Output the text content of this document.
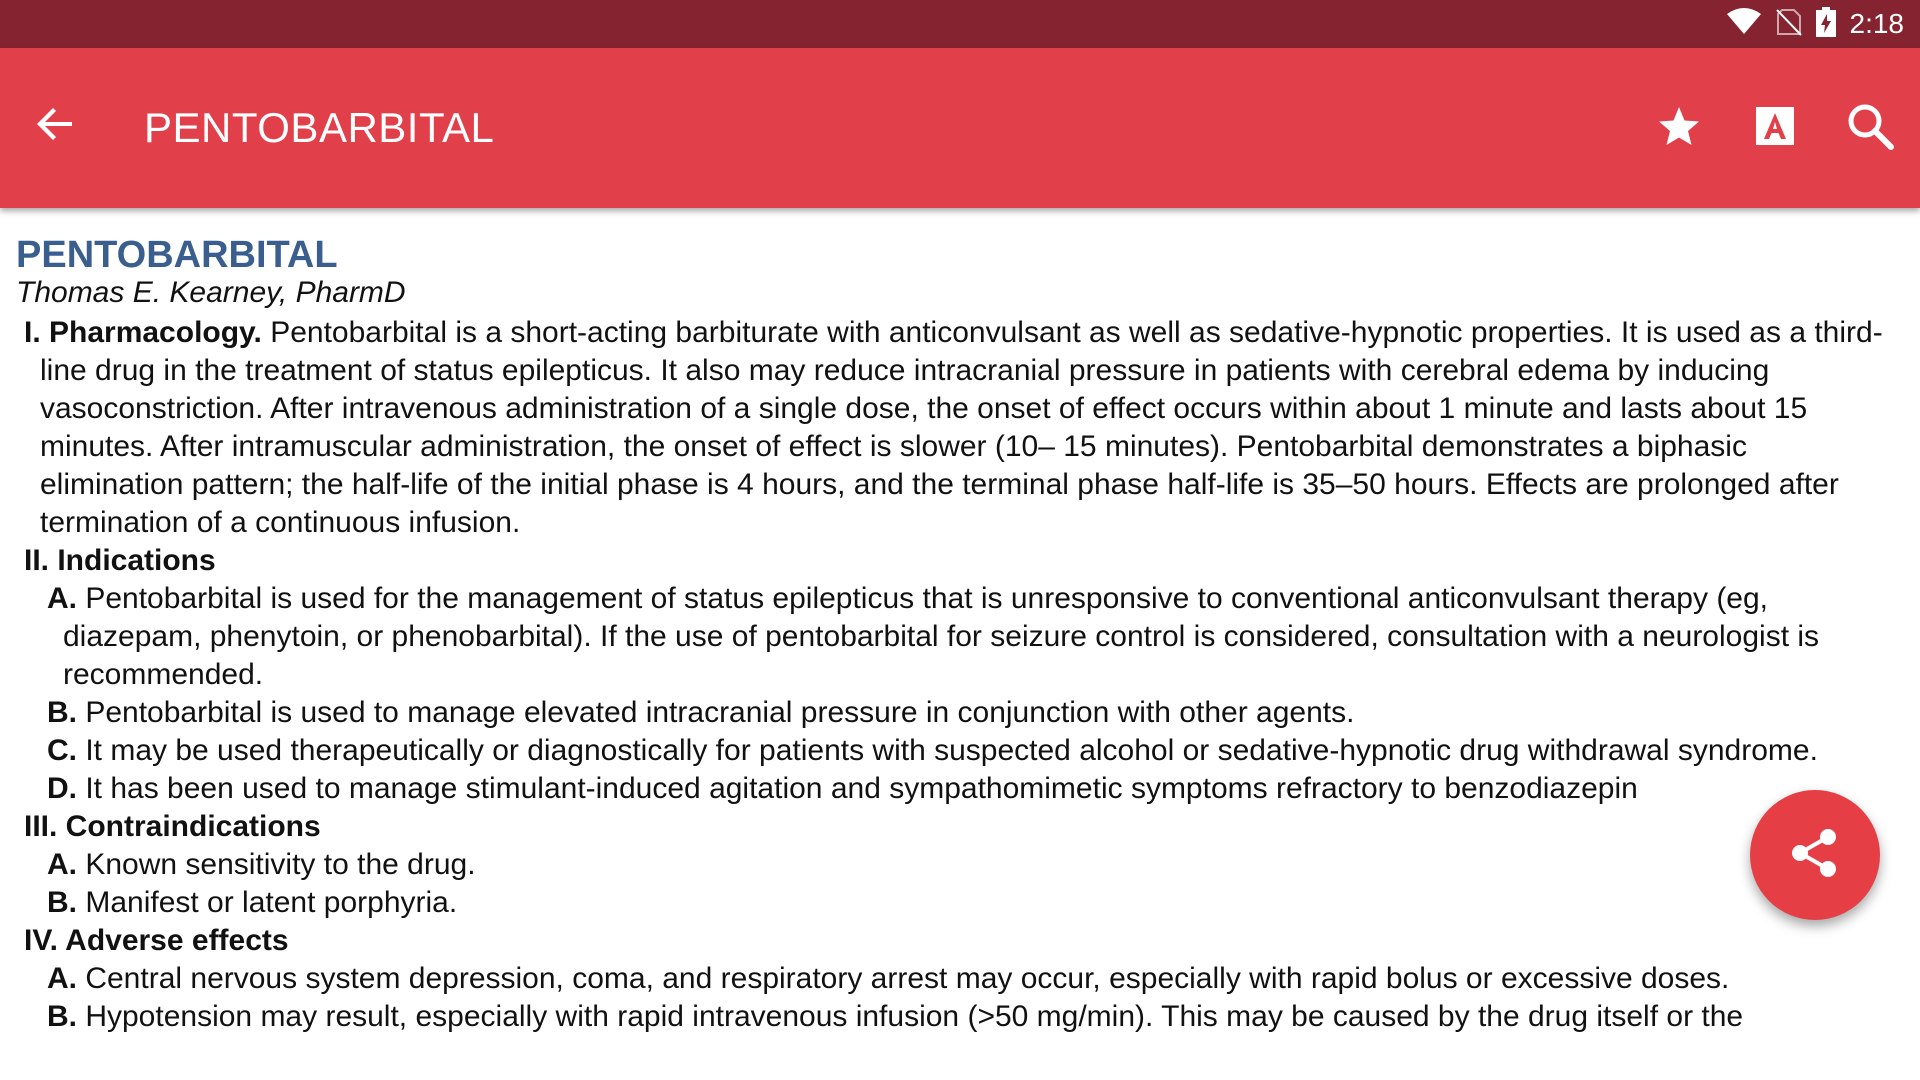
2:18
PENTOBARBITAL
PENTOBARBITAL
Thomas E. Kearney, PharmD

I. Pharmacology. Pentobarbital is a short-acting barbiturate with anticonvulsant as well as sedative-hypnotic properties. It is used as a third-line drug in the treatment of status epilepticus. It also may reduce intracranial pressure in patients with cerebral edema by inducing vasoconstriction. After intravenous administration of a single dose, the onset of effect occurs within about 1 minute and lasts about 15 minutes. After intramuscular administration, the onset of effect is slower (10– 15 minutes). Pentobarbital demonstrates a biphasic elimination pattern; the half-life of the initial phase is 4 hours, and the terminal phase half-life is 35–50 hours. Effects are prolonged after termination of a continuous infusion.

II. Indications

A. Pentobarbital is used for the management of status epilepticus that is unresponsive to conventional anticonvulsant therapy (eg, diazepam, phenytoin, or phenobarbital). If the use of pentobarbital for seizure control is considered, consultation with a neurologist is recommended.

B. Pentobarbital is used to manage elevated intracranial pressure in conjunction with other agents.

C. It may be used therapeutically or diagnostically for patients with suspected alcohol or sedative-hypnotic drug withdrawal syndrome.

D. It has been used to manage stimulant-induced agitation and sympathomimetic symptoms refractory to benzodiazepin

III. Contraindications

A. Known sensitivity to the drug.

B. Manifest or latent porphyria.

IV. Adverse effects

A. Central nervous system depression, coma, and respiratory arrest may occur, especially with rapid bolus or excessive doses.

B. Hypotension may result, especially with rapid intravenous infusion (>50 mg/min). This may be caused by the drug itself or the
